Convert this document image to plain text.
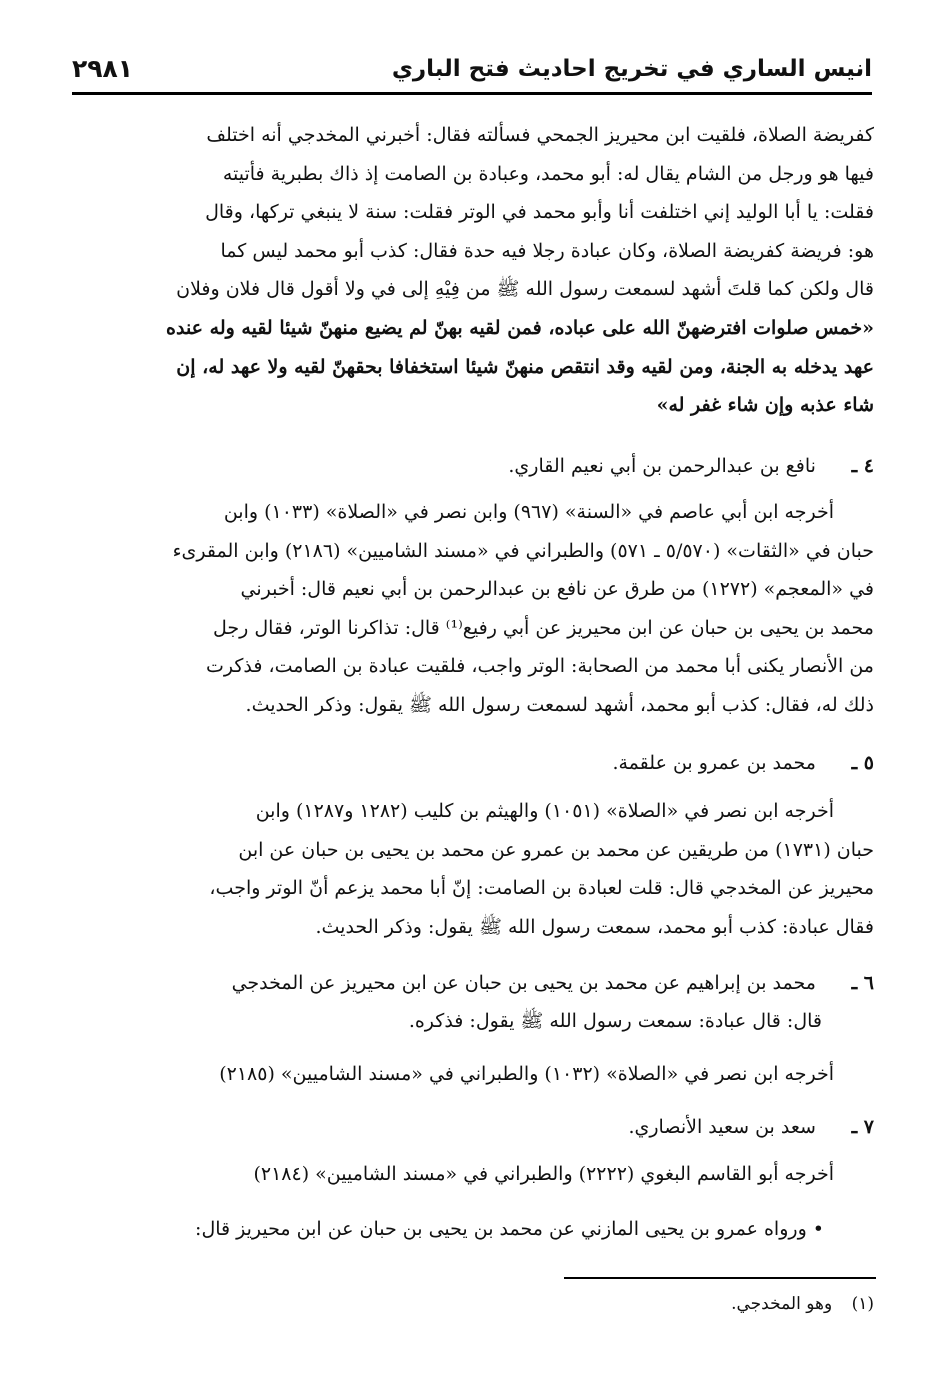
انيس الساري في تخريج احاديث فتح الباري
٢٩٨١
كفريضة الصلاة، فلقيت ابن محيريز الجمحي فسألته فقال: أخبرني المخدجي أنه اختلف
فيها هو ورجل من الشام يقال له: أبو محمد، وعبادة بن الصامت إذ ذاك بطبرية فأتيته
فقلت: يا أبا الوليد إني اختلفت أنا وأبو محمد في الوتر فقلت: سنة لا ينبغي تركها، وقال
هو: فريضة كفريضة الصلاة، وكان عبادة رجلا فيه حدة فقال: كذب أبو محمد ليس كما
قال ولكن كما قلتَ أشهد لسمعت رسول الله ﷺ من فِيْهِ إلى في ولا أقول قال فلان وفلان
«خمس صلوات افترضهنّ الله على عباده، فمن لقيه بهنّ لم يضيع منهنّ شيئا لقيه وله عنده
عهد يدخله به الجنة، ومن لقيه وقد انتقص منهنّ شيئا استخفافا بحقهنّ لقيه ولا عهد له، إن
شاء عذبه وإن شاء غفر له»
٤ ـ نافع بن عبدالرحمن بن أبي نعيم القاري.
أخرجه ابن أبي عاصم في «السنة» (٩٦٧) وابن نصر في «الصلاة» (١٠٣٣) وابن
حبان في «الثقات» (٥/٥٧٠ ـ ٥٧١) والطبراني في «مسند الشاميين» (٢١٨٦) وابن المقرىء
في «المعجم» (١٢٧٢) من طرق عن نافع بن عبدالرحمن بن أبي نعيم قال: أخبرني
محمد بن يحيى بن حبان عن ابن محيريز عن أبي رفيع⁽¹⁾ قال: تذاكرنا الوتر، فقال رجل
من الأنصار يكنى أبا محمد من الصحابة: الوتر واجب، فلقيت عبادة بن الصامت، فذكرت
ذلك له، فقال: كذب أبو محمد، أشهد لسمعت رسول الله ﷺ يقول: وذكر الحديث.
٥ ـ محمد بن عمرو بن علقمة.
أخرجه ابن نصر في «الصلاة» (١٠٥١) والهيثم بن كليب (١٢٨٢ و١٢٨٧) وابن
حبان (١٧٣١) من طريقين عن محمد بن عمرو عن محمد بن يحيى بن حبان عن ابن
محيريز عن المخدجي قال: قلت لعبادة بن الصامت: إنّ أبا محمد يزعم أنّ الوتر واجب،
فقال عبادة: كذب أبو محمد، سمعت رسول الله ﷺ يقول: وذكر الحديث.
٦ ـ محمد بن إبراهيم عن محمد بن يحيى بن حبان عن ابن محيريز عن المخدجي
قال: قال عبادة: سمعت رسول الله ﷺ يقول: فذكره.
أخرجه ابن نصر في «الصلاة» (١٠٣٢) والطبراني في «مسند الشاميين» (٢١٨٥)
٧ ـ سعد بن سعيد الأنصاري.
أخرجه أبو القاسم البغوي (٢٢٢٢) والطبراني في «مسند الشاميين» (٢١٨٤)
• ورواه عمرو بن يحيى المازني عن محمد بن يحيى بن حبان عن ابن محيريز قال:
(١) وهو المخدجي.
